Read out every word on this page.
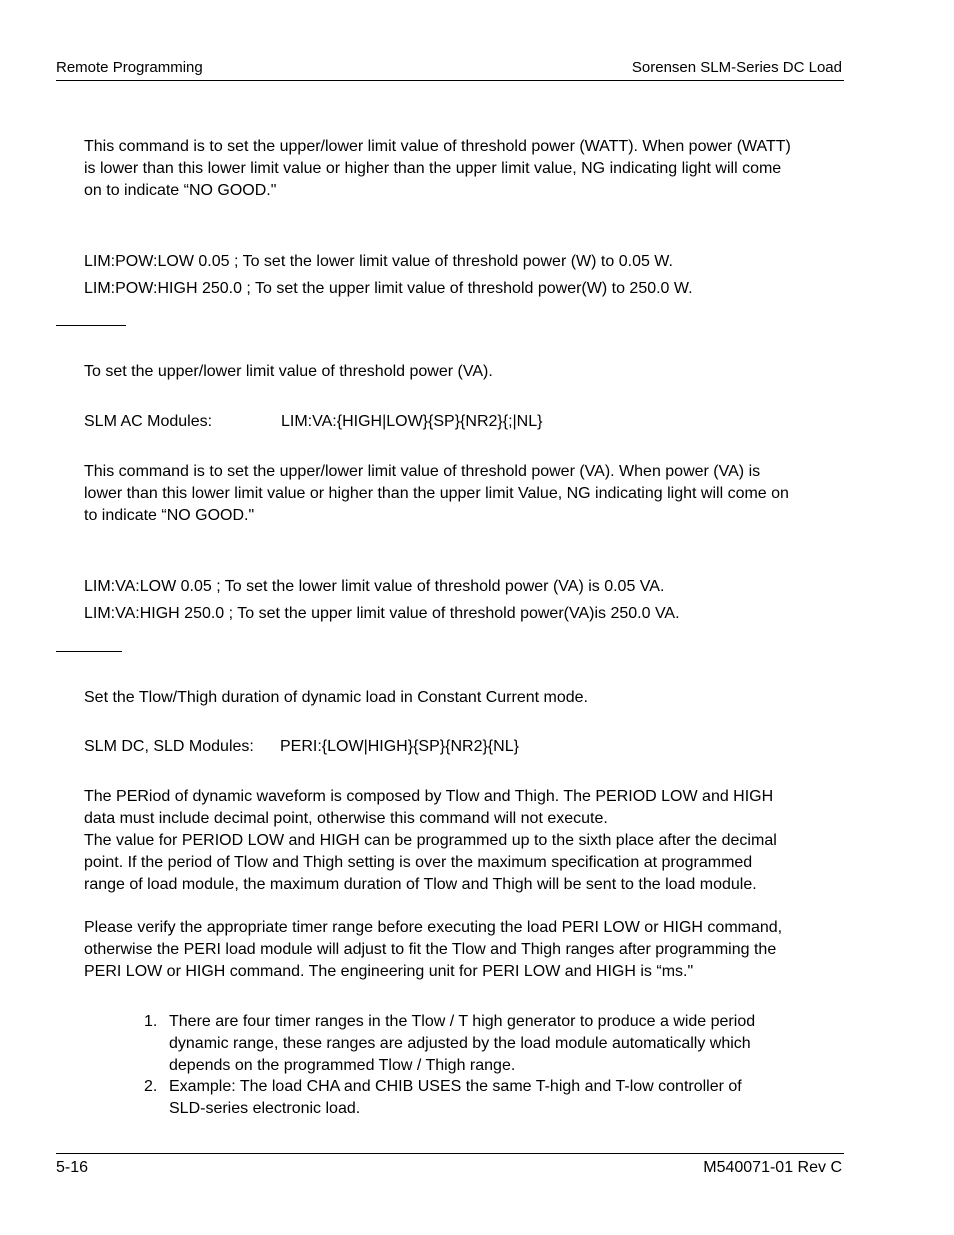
Remote Programming	Sorensen SLM-Series DC Load
This command is to set the upper/lower limit value of threshold power (WATT). When power (WATT)
is lower than this lower limit value or higher than the upper limit value, NG indicating light will come
on to indicate “NO GOOD."
LIM:POW:LOW 0.05 ; To set the lower limit value of threshold power (W) to 0.05 W.
LIM:POW:HIGH 250.0 ; To set the upper limit value of threshold power(W) to 250.0 W.
To set the upper/lower limit value of threshold power (VA).
SLM AC Modules:	LIM:VA:{HIGH|LOW}{SP}{NR2}{;|NL}
This command is to set the upper/lower limit value of threshold power (VA). When power (VA) is
lower than this lower limit value or higher than the upper limit Value, NG indicating light will come on
to indicate “NO GOOD."
LIM:VA:LOW 0.05 ; To set the lower limit value of threshold power (VA) is 0.05 VA.
LIM:VA:HIGH 250.0 ; To set the upper limit value of threshold power(VA)is 250.0 VA.
Set the Tlow/Thigh duration of dynamic load in Constant Current mode.
SLM DC, SLD Modules: PERI:{LOW|HIGH}{SP}{NR2}{NL}
The PERiod of dynamic waveform is composed by Tlow and Thigh. The PERIOD LOW and HIGH
data must include decimal point, otherwise this command will not execute.
The value for PERIOD LOW and HIGH can be programmed up to the sixth place after the decimal
point. If the period of Tlow and Thigh setting is over the maximum specification at programmed
range of load module, the maximum duration of Tlow and Thigh will be sent to the load module.
Please verify the appropriate timer range before executing the load PERI LOW or HIGH command,
otherwise the PERI load module will adjust to fit the Tlow and Thigh ranges after programming the
PERI LOW or HIGH command. The engineering unit for PERI LOW and HIGH is “ms."
1. There are four timer ranges in the Tlow / T high generator to produce a wide period
dynamic range, these ranges are adjusted by the load module automatically which
depends on the programmed Tlow / Thigh range.
2. Example: The load CHA and CHIB USES the same T-high and T-low controller of
SLD-series electronic load.
5-16	M540071-01 Rev C
